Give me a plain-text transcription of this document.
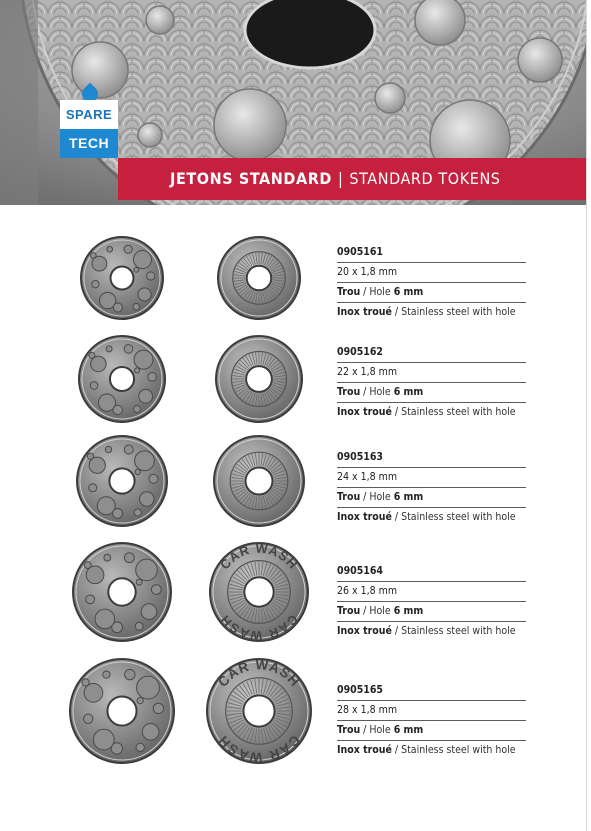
SPARE
TECH
JETONS STANDARD | STANDARD TOKENS
0905161
20 x 1,8 mm
Trou / Hole 6 mm
Inox troué / Stainless steel with hole
0905162
22 x 1,8 mm
Trou / Hole 6 mm
Inox troué / Stainless steel with hole
0905163
24 x 1,8 mm
Trou / Hole 6 mm
Inox troué / Stainless steel with hole
CAR WASH
CAR WASH
0905164
26 x 1,8 mm
Trou / Hole 6 mm
Inox troué / Stainless steel with hole
CAR WASH
CAR WASH
0905165
28 x 1,8 mm
Trou / Hole 6 mm
Inox troué / Stainless steel with hole
